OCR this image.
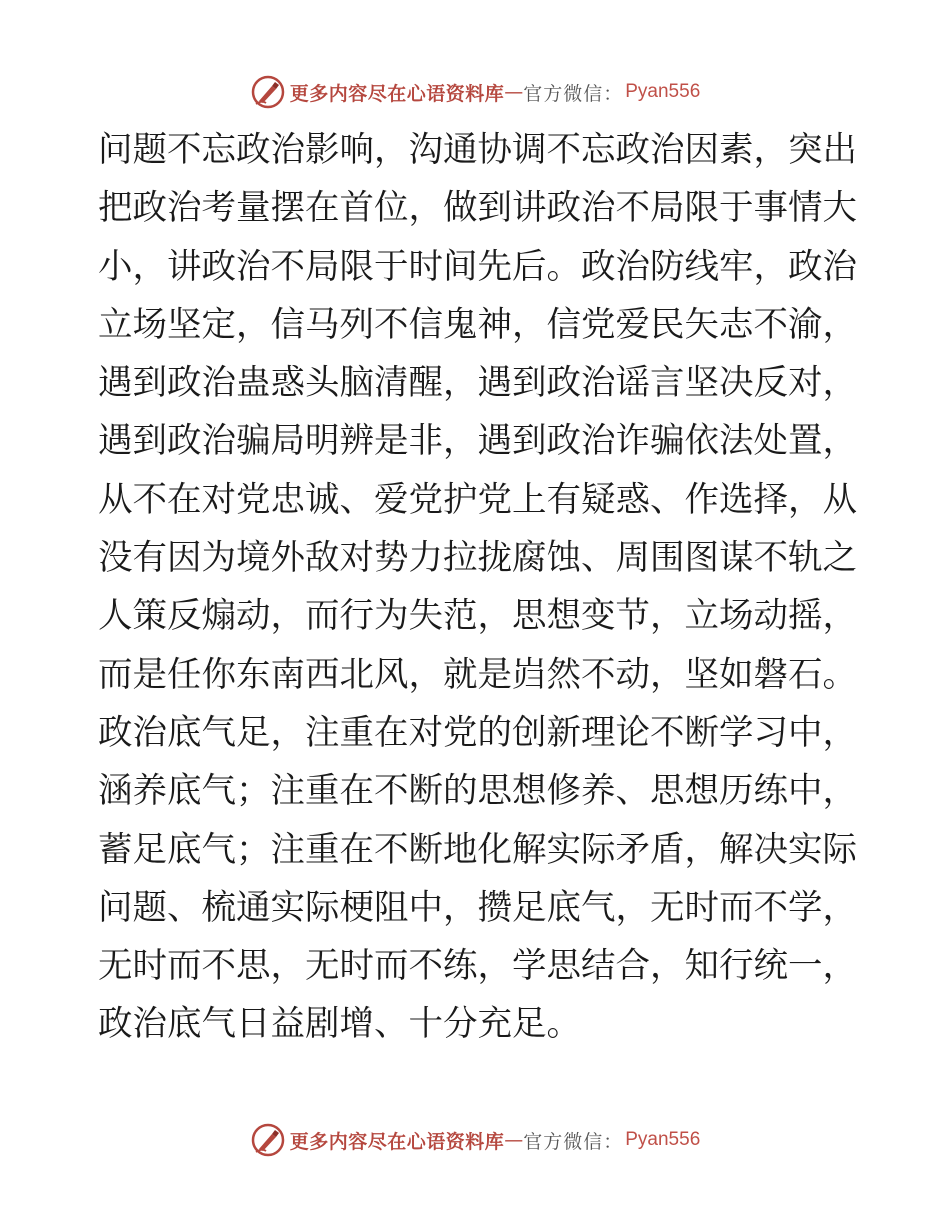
更多内容尽在心语资料库 — 官方微信： Pyan556
问题不忘政治影响，沟通协调不忘政治因素，突出
把政治考量摆在首位，做到讲政治不局限于事情大
小，讲政治不局限于时间先后。政治防线牢，政治
立场坚定，信马列不信鬼神，信党爱民矢志不渝，
遇到政治蛊惑头脑清醒，遇到政治谣言坚决反对，
遇到政治骗局明辨是非，遇到政治诈骗依法处置，
从不在对党忠诚、爱党护党上有疑惑、作选择，从
没有因为境外敌对势力拉拢腐蚀、周围图谋不轨之
人策反煽动，而行为失范，思想变节，立场动摇，
而是任你东南西北风，就是岿然不动，坚如磐石。
政治底气足，注重在对党的创新理论不断学习中，
涵养底气；注重在不断的思想修养、思想历练中，
蓄足底气；注重在不断地化解实际矛盾，解决实际
问题、梳通实际梗阻中，攒足底气，无时而不学，
无时而不思，无时而不练，学思结合，知行统一，
政治底气日益剧增、十分充足。
更多内容尽在心语资料库 — 官方微信： Pyan556
